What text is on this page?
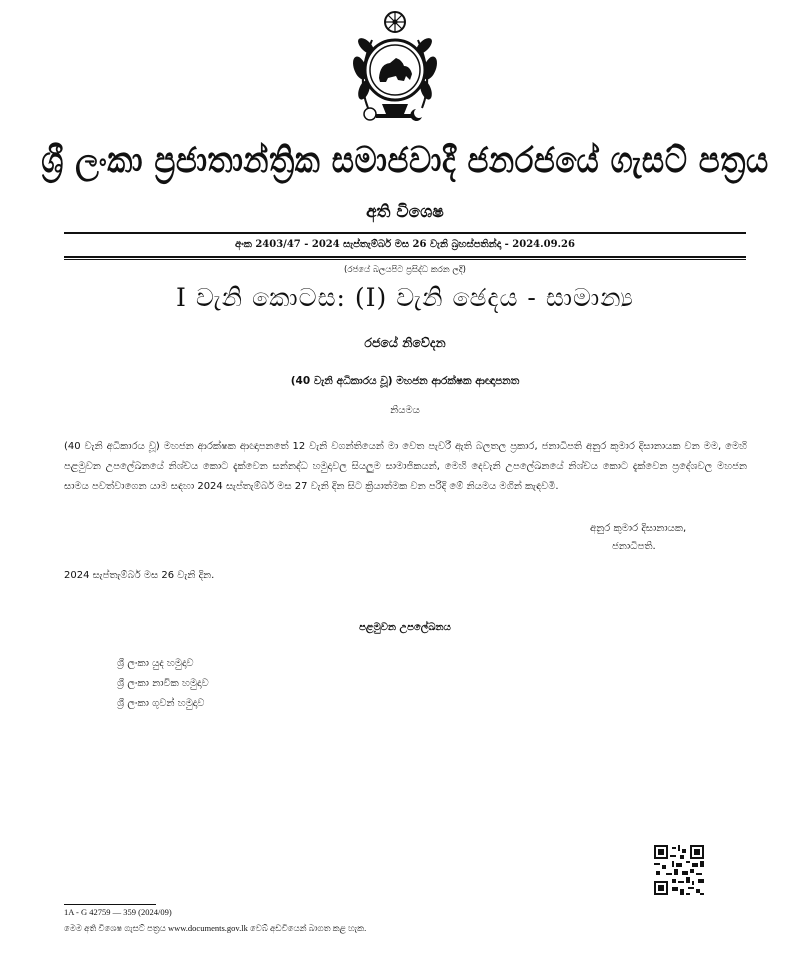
ශ්‍රී ලංකා ප්‍රජාතාන්ත්‍රික සමාජවාදී ජනරජයේ ගැසට් පත්‍රය
අති විශෙෂ
අංක 2403/47 - 2024 සැප්තැම්බර් මස 26 වැනි බ්‍රහස්පතින්දා - 2024.09.26
(රජයේ බලයපිට ප්‍රසිද්ධ කරන ලදි)
I වැනි කොටස: (I) වැනි ඡෙදය - සාමාන්‍ය
රජයේ නිවේදන
(40 වැනි අධිකාරය වූ) මහජන ආරක්ෂක ආඥාපනත
නියමය
(40 වැනි අධිකාරය වූ) මහජන ආරක්ෂක ආඥාපනතේ 12 වැනි වගන්තියෙන් මා වෙත පැවරී ඇති බලතල ප්‍රකාර, ජනාධිපති අනුර කුමාර දිසානායක වන මම, මෙහි පළමුවන උපලේඛනයේ නිශ්චය කොට දැක්වෙන සන්නද්ධ හමුදාවල සියලුම සාමාජිකයන්, මෙහි දෙවැනි උපලේඛනයේ නිශ්චය කොට දැක්වෙන ප්‍රදේශවල මහජන සාමය පවත්වාගෙන යාම සඳහා 2024 සැප්තැම්බර් මස 27 වැනි දින සිට ක්‍රියාත්මක වන පරිදි මේ නියමය මගින් කැඳවමි.
අනුර කුමාර දිසානායක,
ජනාධිපති.
2024 සැප්තැම්බර් මස 26 වැනි දින.
පළමුවන උපලේඛනය
ශ්‍රී ලංකා යුද හමුදාව
ශ්‍රී ලංකා නාවික හමුදාව
ශ්‍රී ලංකා ගුවන් හමුදාව
1A - G 42759 — 359 (2024/09)
මෙම අති විශෙෂ ගැසට් පත්‍රය www.documents.gov.lk වෙබ් අඩවියෙන් බාගත කළ හැක.
